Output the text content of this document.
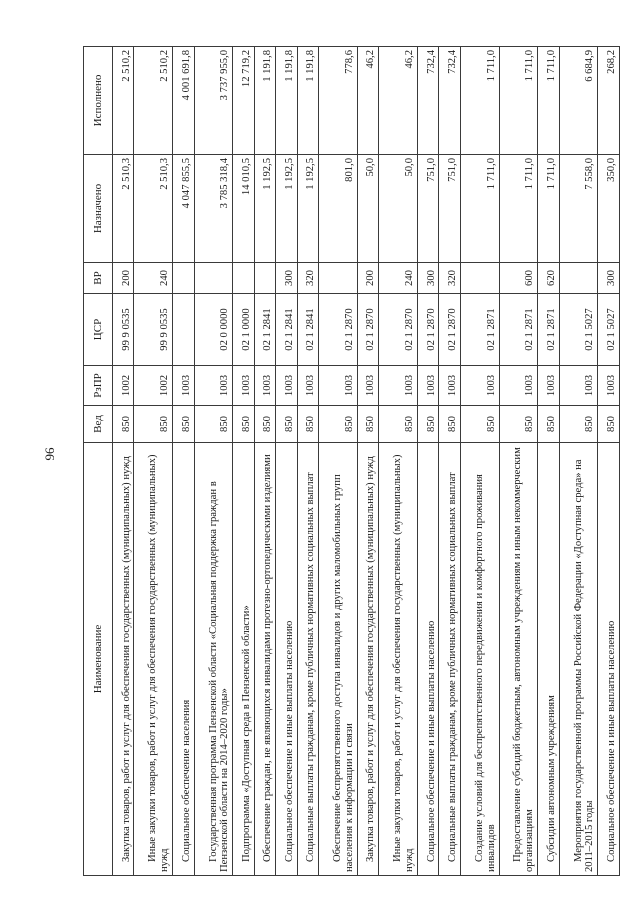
96
Наименование	Вед	РзПР	ЦСР	ВР	Назначено	Исполнено
Закупка товаров, работ и услуг для обеспечения государственных (муниципальных) нужд	850	1002	99 9 0535	200	2 510,3	2 510,2
Иные закупки товаров, работ и услуг для обеспечения государственных (муниципальных) нужд	850	1002	99 9 0535	240	2 510,3	2 510,2
Социальное обеспечение населения	850	1003			4 047 855,5	4 001 691,8
Государственная программа Пензенской области «Социальная поддержка граждан в Пензенской области на 2014–2020 годы»	850	1003	02 0 0000		3 785 318,4	3 737 955,0
Подпрограмма «Доступная среда в Пензенской области»	850	1003	02 1 0000		14 010,5	12 719,2
Обеспечение граждан, не являющихся инвалидами протезно-ортопедическими изделиями	850	1003	02 1 2841		1 192,5	1 191,8
Социальное обеспечение и иные выплаты населению	850	1003	02 1 2841	300	1 192,5	1 191,8
Социальные выплаты гражданам, кроме публичных нормативных социальных выплат	850	1003	02 1 2841	320	1 192,5	1 191,8
Обеспечение беспрепятственного доступа инвалидов и других маломобильных групп населения к информации и связи	850	1003	02 1 2870		801,0	778,6
Закупка товаров, работ и услуг для обеспечения государственных (муниципальных) нужд	850	1003	02 1 2870	200	50,0	46,2
Иные закупки товаров, работ и услуг для обеспечения государственных (муниципальных) нужд	850	1003	02 1 2870	240	50,0	46,2
Социальное обеспечение и иные выплаты населению	850	1003	02 1 2870	300	751,0	732,4
Социальные выплаты гражданам, кроме публичных нормативных социальных выплат	850	1003	02 1 2870	320	751,0	732,4
Создание условий для беспрепятственного передвижения и комфортного проживания инвалидов	850	1003	02 1 2871		1 711,0	1 711,0
Предоставление субсидий бюджетным, автономным учреждениям и иным некоммерческим организациям	850	1003	02 1 2871	600	1 711,0	1 711,0
Субсидии автономным учреждениям	850	1003	02 1 2871	620	1 711,0	1 711,0
Мероприятия государственной программы Российской Федерации «Доступная среда» на 2011–2015 годы	850	1003	02 1 5027		7 558,0	6 684,9
Социальное обеспечение и иные выплаты населению	850	1003	02 1 5027	300	350,0	268,2
